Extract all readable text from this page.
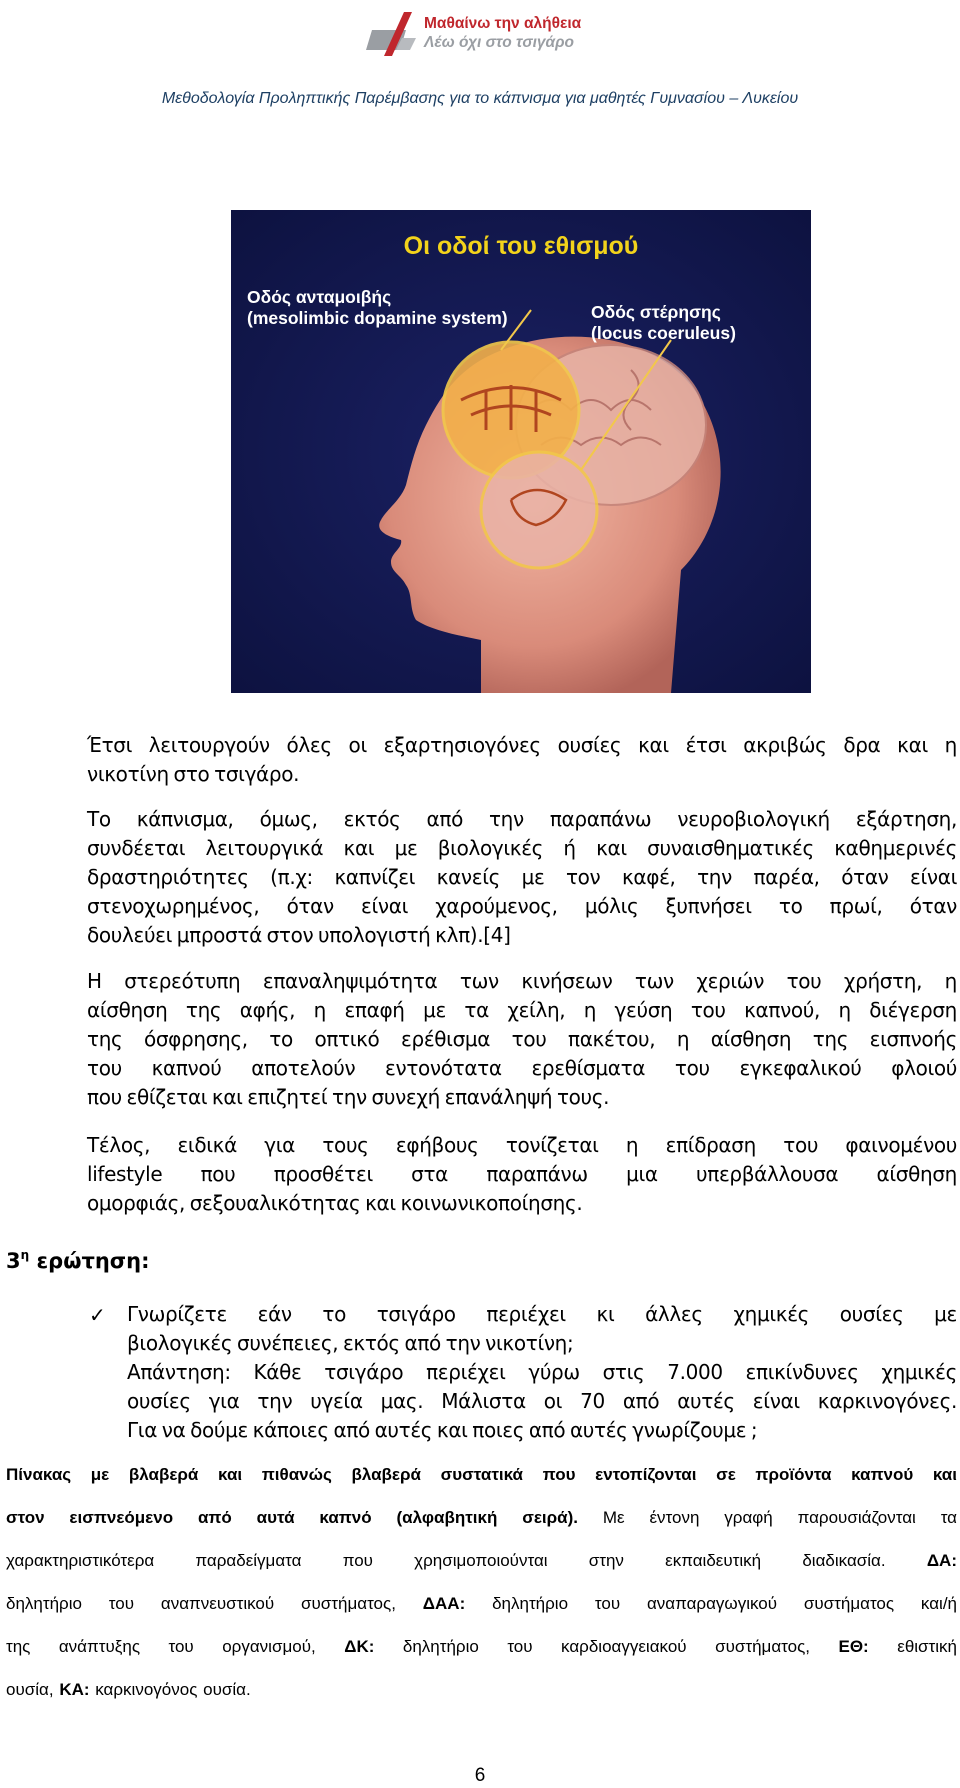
Μαθαίνω την αλήθεια
Λέω όχι στο τσιγάρο
Μεθοδολογία Προληπτικής Παρέμβασης για το κάπνισμα για μαθητές Γυμνασίου – Λυκείου
Οι οδοί του εθισμού
Οδός ανταμοιβής
(mesolimbic dopamine system)	Οδός στέρησης
(locus coeruleus)
Έτσι λειτουργούν όλες οι εξαρτησιογόνες ουσίες και έτσι ακριβώς δρα και η
νικοτίνη στο τσιγάρο.
Το κάπνισμα, όμως, εκτός από την παραπάνω νευροβιολογική εξάρτηση,
συνδέεται λειτουργικά και με βιολογικές ή και συναισθηματικές καθημερινές
δραστηριότητες (π.χ: καπνίζει κανείς με τον καφέ, την παρέα, όταν είναι
στενοχωρημένος, όταν είναι χαρούμενος, μόλις ξυπνήσει το πρωί, όταν
δουλεύει μπροστά στον υπολογιστή κλπ).[4]
Η στερεότυπη επαναληψιμότητα των κινήσεων των χεριών του χρήστη, η
αίσθηση της αφής, η επαφή με τα χείλη, η γεύση του καπνού, η διέγερση
της όσφρησης, το οπτικό ερέθισμα του πακέτου, η αίσθηση της εισπνοής
του καπνού αποτελούν εντονότατα ερεθίσματα του εγκεφαλικού φλοιού
που εθίζεται και επιζητεί την συνεχή επανάληψή τους.
Τέλος, ειδικά για τους εφήβους τονίζεται η επίδραση του φαινομένου
lifestyle που προσθέτει στα παραπάνω μια υπερβάλλουσα αίσθηση
ομορφιάς, σεξουαλικότητας και κοινωνικοποίησης.
$3^\eta$ ερώτηση:
✓ Γνωρίζετε εάν το τσιγάρο περιέχει κι άλλες χημικές ουσίες με
βιολογικές συνέπειες, εκτός από την νικοτίνη;
Απάντηση: Κάθε τσιγάρο περιέχει γύρω στις 7.000 επικίνδυνες χημικές
ουσίες για την υγεία μας. Μάλιστα οι 70 από αυτές είναι καρκινογόνες.
Για να δούμε κάποιες από αυτές και ποιες από αυτές γνωρίζουμε ;
Πίνακας με βλαβερά και πιθανώς βλαβερά συστατικά που εντοπίζονται σε προϊόντα καπνού και
στον εισπνεόμενο από αυτά καπνό (αλφαβητική σειρά). Με έντονη γραφή παρουσιάζονται τα
χαρακτηριστικότερα παραδείγματα που χρησιμοποιούνται στην εκπαιδευτική διαδικασία. ΔΑ:
δηλητήριο του αναπνευστικού συστήματος, ΔΑΑ: δηλητήριο του αναπαραγωγικού συστήματος και/ή
της ανάπτυξης του οργανισμού, ΔΚ: δηλητήριο του καρδιοαγγειακού συστήματος, ΕΘ: εθιστική
ουσία, ΚΑ: καρκινογόνος ουσία.
6
